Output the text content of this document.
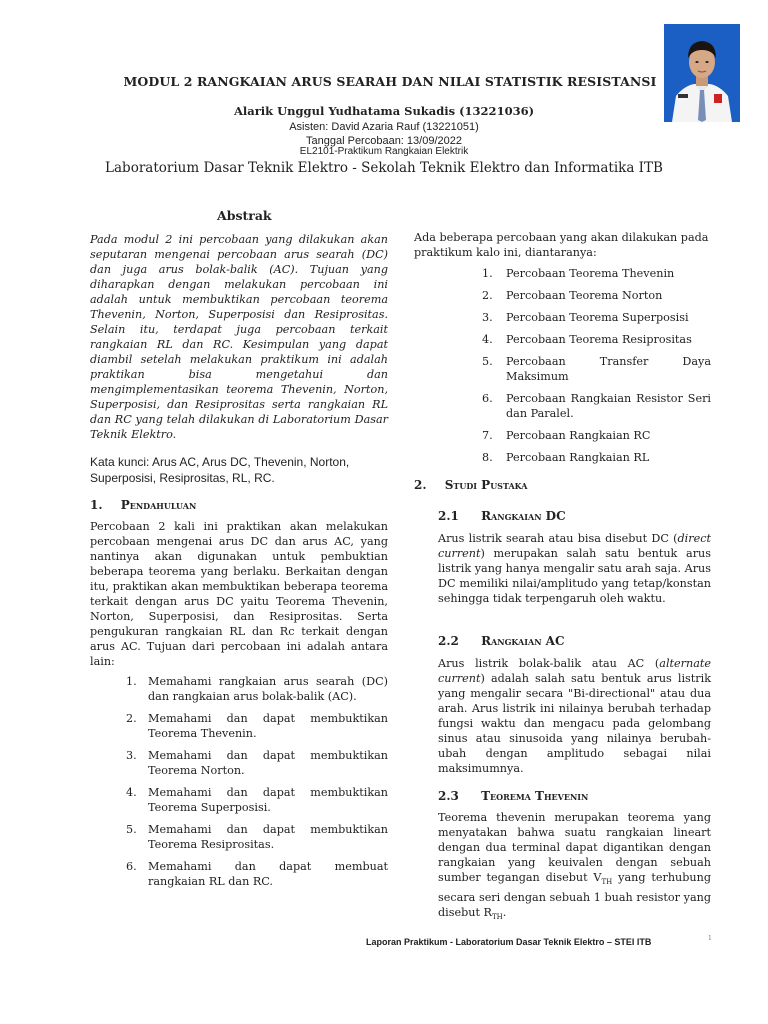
GARDA
MODUL 2 RANGKAIAN ARUS SEARAH DAN NILAI STATISTIK RESISTANSI
Alarik Unggul Yudhatama Sukadis (13221036)
Asisten: David Azaria Rauf (13221051)
Tanggal Percobaan: 13/09/2022
EL2101-Praktikum Rangkaian Elektrik
Laboratorium Dasar Teknik Elektro - Sekolah Teknik Elektro dan Informatika ITB
Abstrak
Pada modul 2 ini percobaan yang dilakukan akan seputaran mengenai percobaan arus searah (DC) dan juga arus bolak-balik (AC). Tujuan yang diharapkan dengan melakukan percobaan ini adalah untuk membuktikan percobaan teorema Thevenin, Norton, Superposisi dan Resiprositas. Selain itu, terdapat juga percobaan terkait rangkaian RL dan RC. Kesimpulan yang dapat diambil setelah melakukan praktikum ini adalah praktikan bisa mengetahui dan mengimplementasikan teorema Thevenin, Norton, Superposisi, dan Resiprositas serta rangkaian RL dan RC yang telah dilakukan di Laboratorium Dasar Teknik Elektro.
Kata kunci: Arus AC, Arus DC, Thevenin, Norton, Superposisi, Resiprositas, RL, RC.
1. Pendahuluan
Percobaan 2 kali ini praktikan akan melakukan percobaan mengenai arus DC dan arus AC, yang nantinya akan digunakan untuk pembuktian beberapa teorema yang berlaku. Berkaitan dengan itu, praktikan akan membuktikan beberapa teorema terkait dengan arus DC yaitu Teorema Thevenin, Norton, Superposisi, dan Resiprositas. Serta pengukuran rangkaian RL dan Rc terkait dengan arus AC. Tujuan dari percobaan ini adalah antara lain:
1. Memahami rangkaian arus searah (DC) dan rangkaian arus bolak-balik (AC).
2. Memahami dan dapat membuktikan Teorema Thevenin.
3. Memahami dan dapat membuktikan Teorema Norton.
4. Memahami dan dapat membuktikan Teorema Superposisi.
5. Memahami dan dapat membuktikan Teorema Resiprositas.
6. Memahami dan dapat membuat rangkaian RL dan RC.
Ada beberapa percobaan yang akan dilakukan pada praktikum kalo ini, diantaranya:
1. Percobaan Teorema Thevenin
2. Percobaan Teorema Norton
3. Percobaan Teorema Superposisi
4. Percobaan Teorema Resiprositas
5. Percobaan Transfer Daya Maksimum
6. Percobaan Rangkaian Resistor Seri dan Paralel.
7. Percobaan Rangkaian RC
8. Percobaan Rangkaian RL
2. Studi Pustaka
2.1 Rangkaian DC
Arus listrik searah atau bisa disebut DC (direct current) merupakan salah satu bentuk arus listrik yang hanya mengalir satu arah saja. Arus DC memiliki nilai/amplitudo yang tetap/konstan sehingga tidak terpengaruh oleh waktu.
2.2 Rangkaian AC
Arus listrik bolak-balik atau AC (alternate current) adalah salah satu bentuk arus listrik yang mengalir secara "Bi-directional" atau dua arah. Arus listrik ini nilainya berubah terhadap fungsi waktu dan mengacu pada gelombang sinus atau sinusoida yang nilainya berubah-ubah dengan amplitudo sebagai nilai maksimumnya.
2.3 Teorema Thevenin
Teorema thevenin merupakan teorema yang menyatakan bahwa suatu rangkaian lineart dengan dua terminal dapat digantikan dengan rangkaian yang keuivalen dengan sebuah sumber tegangan disebut $V_{TH}$ yang terhubung secara seri dengan sebuah 1 buah resistor yang disebut $R_{TH}$.
Laporan Praktikum - Laboratorium Dasar Teknik Elektro – STEI ITB	1
